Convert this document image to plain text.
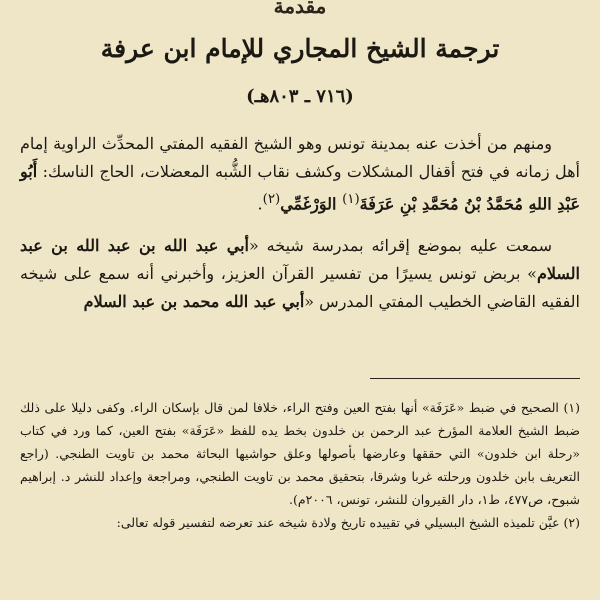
مقدمة
ترجمة الشيخ المجاري للإمام ابن عرفة
(٧١٦ ـ ٨٠٣هـ)

ومنهم من أخذت عنه بمدينة تونس وهو الشيخ الفقيه المفتي المحدِّث الراوية إمام أهل زمانه في فتح أقفال المشكلات وكشف نقاب الشُّبه المعضلات، الحاج الناسك: أَبُو عَبْدِ اللهِ مُحَمَّدُ بْنُ مُحَمَّدِ بْنِ عَرَفَةَ$^{(١)}$ الوَرْغَمِّي$^{(٢)}$.

سمعت عليه بموضع إقرائه بمدرسة شيخه «أبي عبد الله بن عبد الله بن عبد السلام» بربض تونس يسيرًا من تفسير القرآن العزيز، وأخبرني أنه سمع على شيخه الفقيه القاضي الخطيب المفتي المدرس «أبي عبد الله محمد بن عبد السلام

(١) الصحيح في ضبط «عَرَفَة» أنها بفتح العين وفتح الراء، خلافا لمن قال بإسكان الراء. وكفى دليلا على ذلك ضبط الشيخ العلامة المؤرخ عبد الرحمن بن خلدون بخط يده للفظ «عَرَفَة» بفتح العين، كما ورد في كتاب «رحلة ابن خلدون» التي حققها وعارضها بأصولها وعلق حواشيها البحاثة محمد بن تاويت الطنجي. (راجع التعريف بابن خلدون ورحلته غربا وشرقا، بتحقيق محمد بن تاويت الطنجي، ومراجعة وإعداد للنشر د. إبراهيم شبوح، ص٤٧٧، ط١، دار القيروان للنشر، تونس، ٢٠٠٦م).

(٢) عيَّن تلميذه الشيخ البسيلي في تقييده تاريخ ولادة شيخه عند تعرضه لتفسير قوله تعالى:
